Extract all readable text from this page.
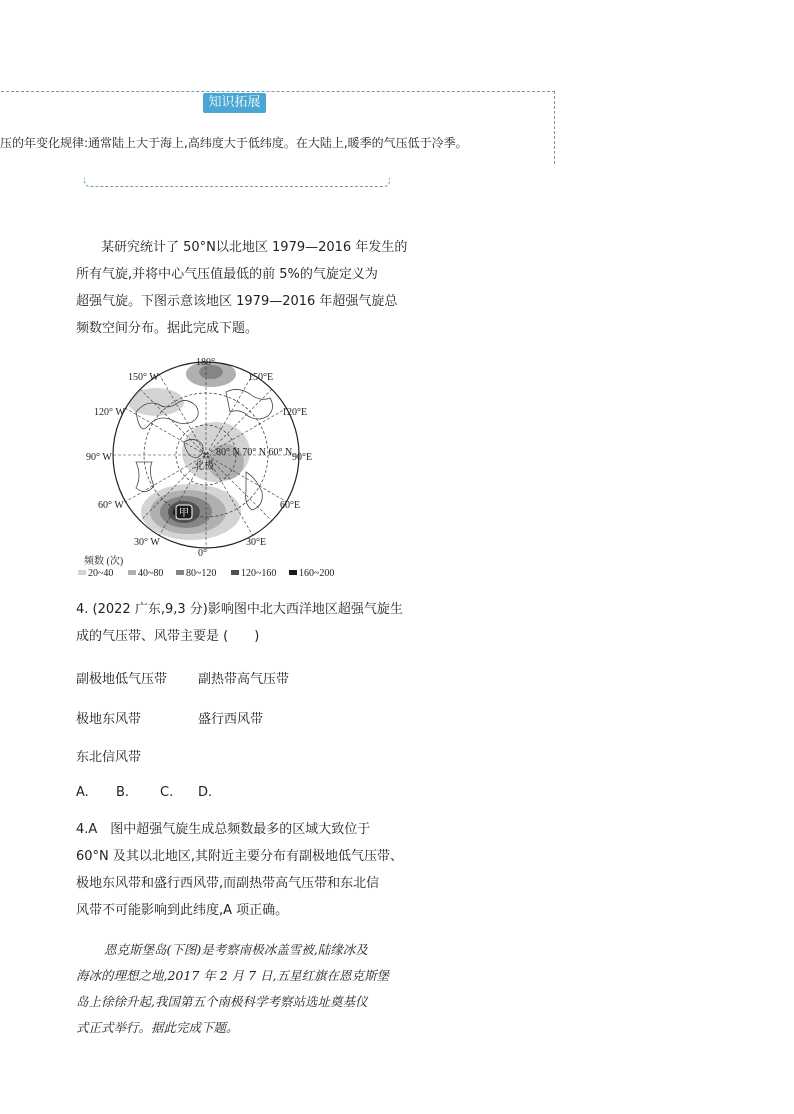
知识拓展
压的年变化规律:通常陆上大于海上,高纬度大于低纬度。在大陆上,暖季的气压低于冷季。
某研究统计了 50°N以北地区 1979—2016 年发生的
所有气旋,并将中心气压值最低的前 5%的气旋定义为
超强气旋。下图示意该地区 1979—2016 年超强气旋总
频数空间分布。据此完成下题。
甲
180°
150° W	150°E
120° W	120°E
90° W	90°E
60° W	60°E
30° W	30°E
0°
80° N 70° N 60° N
北极
频数 (次)
20~40 40~80 80~120 120~160 160~200
4. (2022 广东,9,3 分)影响图中北大西洋地区超强气旋生
成的气压带、风带主要是 (　　)
副极地低气压带 副热带高气压带
极地东风带	盛行西风带
东北信风带
A. B. C. D.
4.A　图中超强气旋生成总频数最多的区域大致位于
60°N 及其以北地区,其附近主要分布有副极地低气压带、
极地东风带和盛行西风带,而副热带高气压带和东北信
风带不可能影响到此纬度,A 项正确。
恩克斯堡岛(下图)是考察南极冰盖雪被,陆缘冰及
海冰的理想之地,2017 年 2 月 7 日,五星红旗在恩克斯堡
岛上徐徐升起,我国第五个南极科学考察站选址奠基仪
式正式举行。据此完成下题。
